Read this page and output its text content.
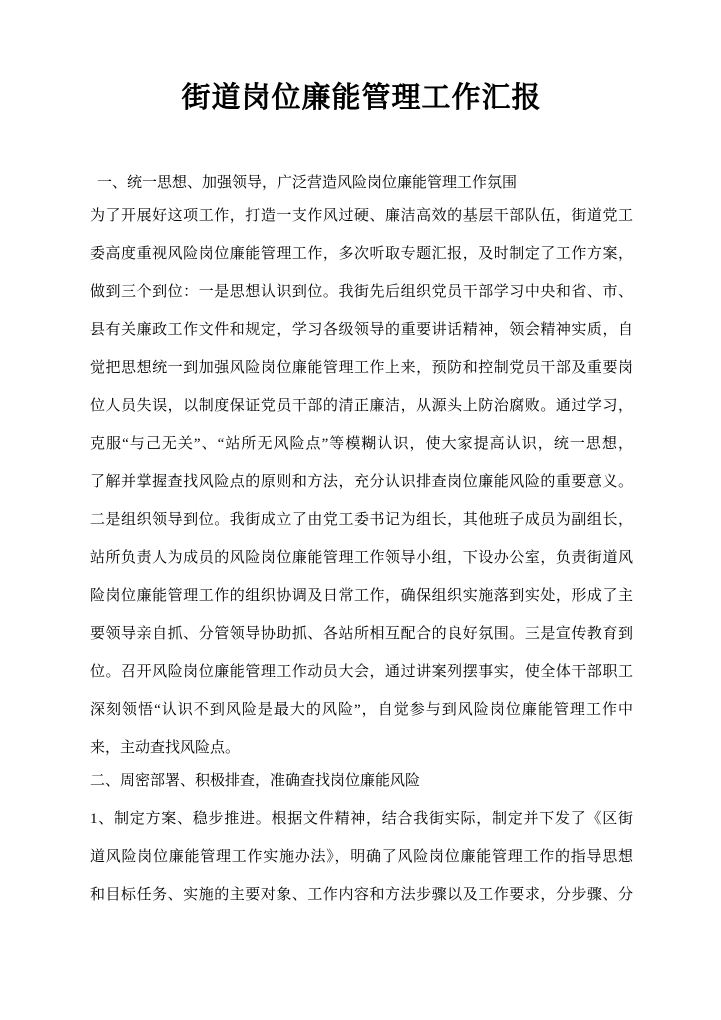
街道岗位廉能管理工作汇报
一、统一思想、加强领导，广泛营造风险岗位廉能管理工作氛围
为了开展好这项工作，打造一支作风过硬、廉洁高效的基层干部队伍，街道党工
委高度重视风险岗位廉能管理工作，多次听取专题汇报，及时制定了工作方案，
做到三个到位：一是思想认识到位。我街先后组织党员干部学习中央和省、市、
县有关廉政工作文件和规定，学习各级领导的重要讲话精神，领会精神实质，自
觉把思想统一到加强风险岗位廉能管理工作上来，预防和控制党员干部及重要岗
位人员失误，以制度保证党员干部的清正廉洁，从源头上防治腐败。通过学习，
克服“与己无关”、“站所无风险点”等模糊认识，使大家提高认识，统一思想，
了解并掌握查找风险点的原则和方法，充分认识排查岗位廉能风险的重要意义。
二是组织领导到位。我街成立了由党工委书记为组长，其他班子成员为副组长，
站所负责人为成员的风险岗位廉能管理工作领导小组，下设办公室，负责街道风
险岗位廉能管理工作的组织协调及日常工作，确保组织实施落到实处，形成了主
要领导亲自抓、分管领导协助抓、各站所相互配合的良好氛围。三是宣传教育到
位。召开风险岗位廉能管理工作动员大会，通过讲案列摆事实，使全体干部职工
深刻领悟“认识不到风险是最大的风险”，自觉参与到风险岗位廉能管理工作中
来，主动查找风险点。
二、周密部署、积极排查，准确查找岗位廉能风险
1、制定方案、稳步推进。根据文件精神，结合我街实际，制定并下发了《区街
道风险岗位廉能管理工作实施办法》，明确了风险岗位廉能管理工作的指导思想
和目标任务、实施的主要对象、工作内容和方法步骤以及工作要求，分步骤、分
